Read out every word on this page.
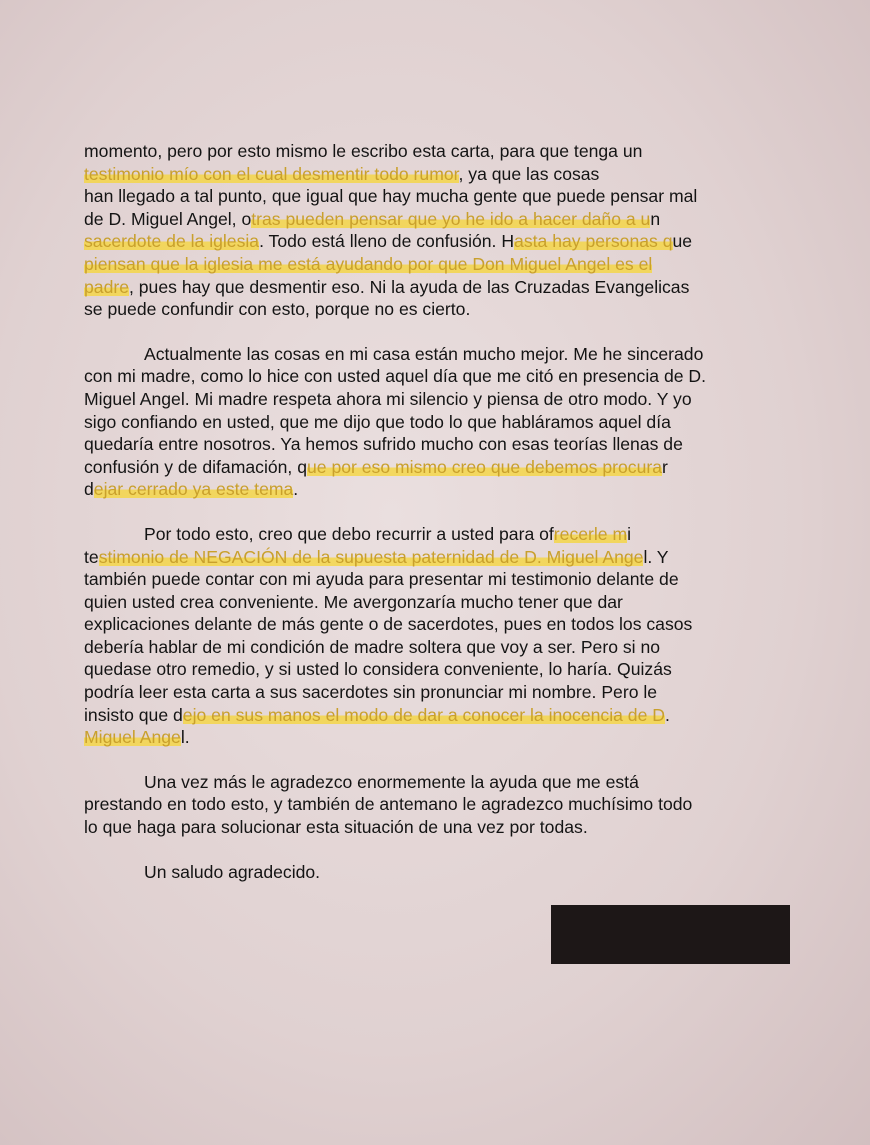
momento, pero por esto mismo le escribo esta carta, para que tenga un
testimonio mío con el cual desmentir todo rumor, ya que las cosas
han llegado a tal punto, que igual que hay mucha gente que puede pensar mal
de D. Miguel Angel, otras pueden pensar que yo he ido a hacer daño a un
sacerdote de la iglesia. Todo está lleno de confusión. Hasta hay personas que
piensan que la iglesia me está ayudando por que Don Miguel Angel es el
padre, pues hay que desmentir eso. Ni la ayuda de las Cruzadas Evangelicas
se puede confundir con esto, porque no es cierto.
Actualmente las cosas en mi casa están mucho mejor. Me he sincerado
con mi madre, como lo hice con usted aquel día que me citó en presencia de D.
Miguel Angel. Mi madre respeta ahora mi silencio y piensa de otro modo. Y yo
sigo confiando en usted, que me dijo que todo lo que habláramos aquel día
quedaría entre nosotros. Ya hemos sufrido mucho con esas teorías llenas de
confusión y de difamación, que por eso mismo creo que debemos procurar
dejar cerrado ya este tema.
Por todo esto, creo que debo recurrir a usted para ofrecerle mi
testimonio de NEGACIÓN de la supuesta paternidad de D. Miguel Angel. Y
también puede contar con mi ayuda para presentar mi testimonio delante de
quien usted crea conveniente. Me avergonzaría mucho tener que dar
explicaciones delante de más gente o de sacerdotes, pues en todos los casos
debería hablar de mi condición de madre soltera que voy a ser. Pero si no
quedase otro remedio, y si usted lo considera conveniente, lo haría. Quizás
podría leer esta carta a sus sacerdotes sin pronunciar mi nombre. Pero le
insisto que dejo en sus manos el modo de dar a conocer la inocencia de D.
Miguel Angel.
Una vez más le agradezco enormemente la ayuda que me está
prestando en todo esto, y también de antemano le agradezco muchísimo todo
lo que haga para solucionar esta situación de una vez por todas.
Un saludo agradecido.
